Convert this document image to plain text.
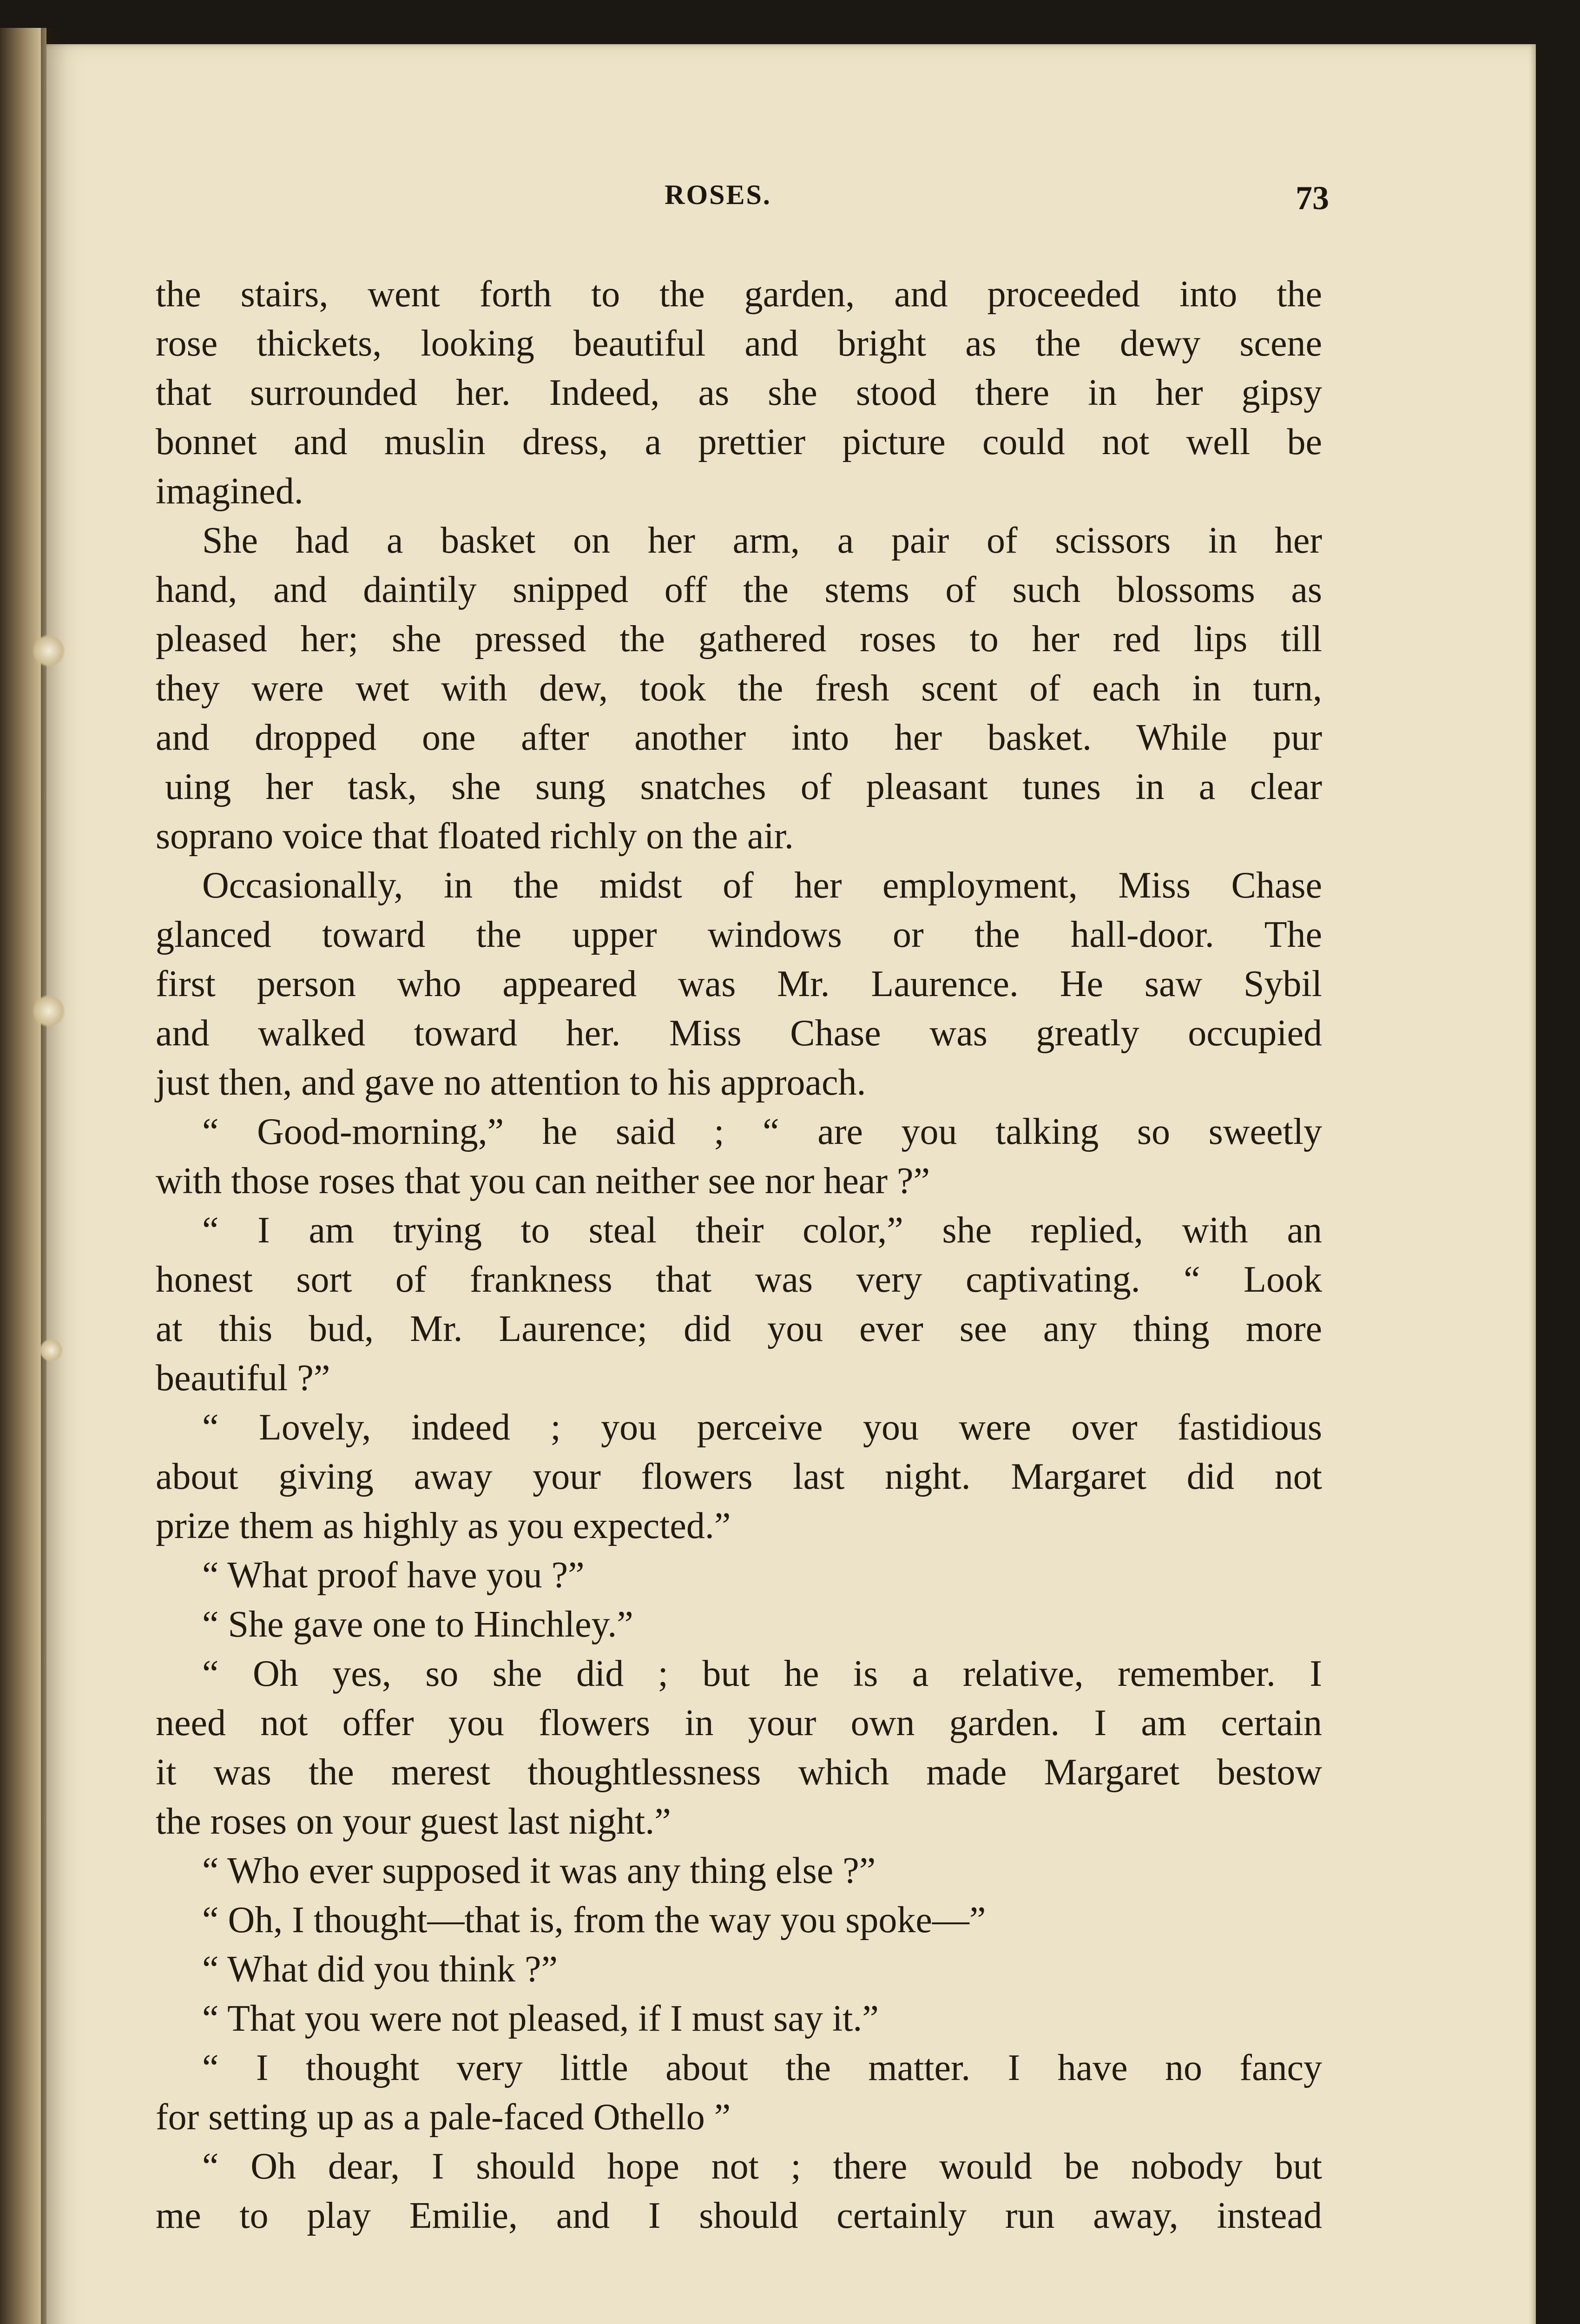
ROSES.	73
the stairs, went forth to the garden, and proceeded into the
rose thickets, looking beautiful and bright as the dewy scene
that surrounded her. Indeed, as she stood there in her gipsy
bonnet and muslin dress, a prettier picture could not well be
imagined.
She had a basket on her arm, a pair of scissors in her
hand, and daintily snipped off the stems of such blossoms as
pleased her; she pressed the gathered roses to her red lips till
they were wet with dew, took the fresh scent of each in turn,
and dropped one after another into her basket. While pur
uing her task, she sung snatches of pleasant tunes in a clear
soprano voice that floated richly on the air.
Occasionally, in the midst of her employment, Miss Chase
glanced toward the upper windows or the hall-door. The
first person who appeared was Mr. Laurence. He saw Sybil
and walked toward her. Miss Chase was greatly occupied
just then, and gave no attention to his approach.
“ Good-morning,” he said ; “ are you talking so sweetly
with those roses that you can neither see nor hear ?”
“ I am trying to steal their color,” she replied, with an
honest sort of frankness that was very captivating. “ Look
at this bud, Mr. Laurence; did you ever see any thing more
beautiful ?”
“ Lovely, indeed ; you perceive you were over fastidious
about giving away your flowers last night. Margaret did not
prize them as highly as you expected.”
“ What proof have you ?”
“ She gave one to Hinchley.”
“ Oh yes, so she did ; but he is a relative, remember. I
need not offer you flowers in your own garden. I am certain
it was the merest thoughtlessness which made Margaret bestow
the roses on your guest last night.”
“ Who ever supposed it was any thing else ?”
“ Oh, I thought—that is, from the way you spoke—”
“ What did you think ?”
“ That you were not pleased, if I must say it.”
“ I thought very little about the matter. I have no fancy
for setting up as a pale-faced Othello ”
“ Oh dear, I should hope not ; there would be nobody but
me to play Emilie, and I should certainly run away, instead
